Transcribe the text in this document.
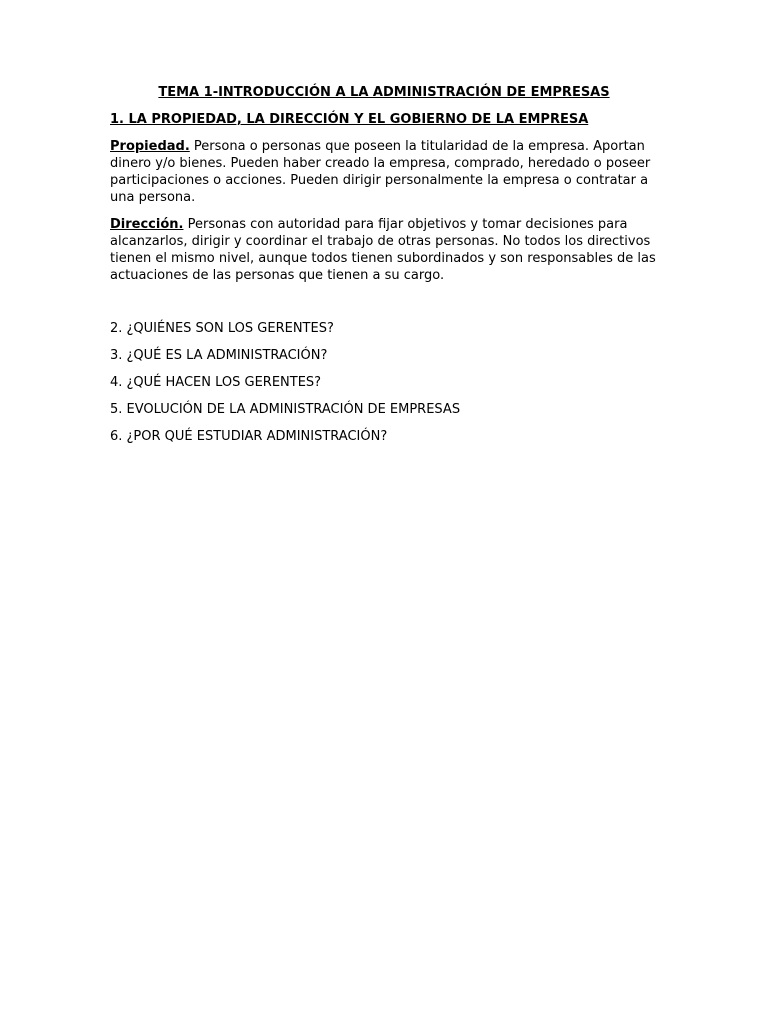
TEMA 1-INTRODUCCIÓN A LA ADMINISTRACIÓN DE EMPRESAS
1. LA PROPIEDAD, LA DIRECCIÓN Y EL GOBIERNO DE LA EMPRESA

Propiedad. Persona o personas que poseen la titularidad de la empresa. Aportan dinero y/o bienes. Pueden haber creado la empresa, comprado, heredado o poseer participaciones o acciones. Pueden dirigir personalmente la empresa o contratar a una persona.

Dirección. Personas con autoridad para fijar objetivos y tomar decisiones para alcanzarlos, dirigir y coordinar el trabajo de otras personas. No todos los directivos tienen el mismo nivel, aunque todos tienen subordinados y son responsables de las actuaciones de las personas que tienen a su cargo.

2. ¿QUIÉNES SON LOS GERENTES?
3. ¿QUÉ ES LA ADMINISTRACIÓN?
4. ¿QUÉ HACEN LOS GERENTES?
5. EVOLUCIÓN DE LA ADMINISTRACIÓN DE EMPRESAS
6. ¿POR QUÉ ESTUDIAR ADMINISTRACIÓN?
